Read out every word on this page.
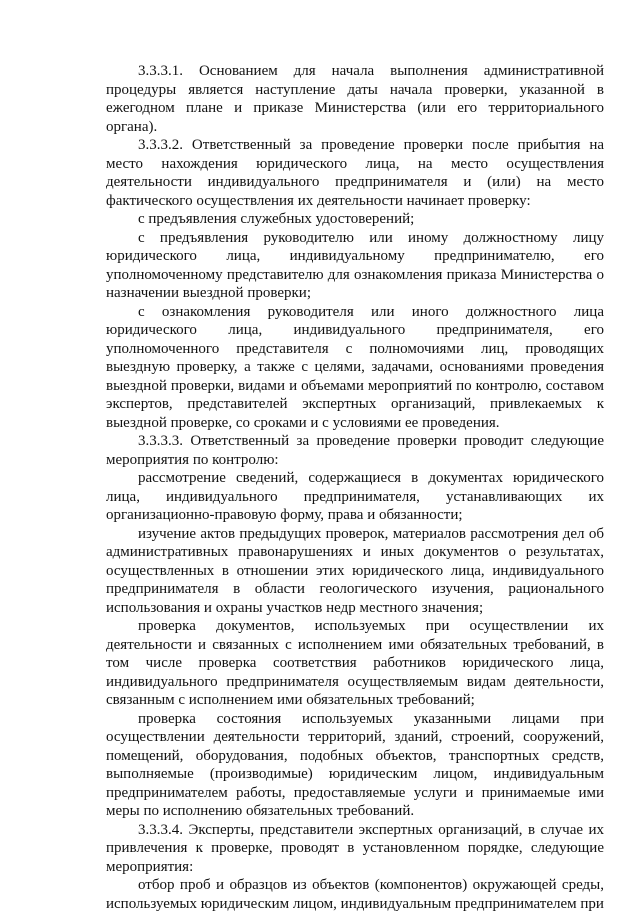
3.3.3.1. Основанием для начала выполнения административной процедуры является наступление даты начала проверки, указанной в ежегодном плане и приказе Министерства (или его территориального органа).

3.3.3.2. Ответственный за проведение проверки после прибытия на место нахождения юридического лица, на место осуществления деятельности индивидуального предпринимателя и (или) на место фактического осуществления их деятельности начинает проверку:

с предъявления служебных удостоверений;

с предъявления руководителю или иному должностному лицу юридического лица, индивидуальному предпринимателю, его уполномоченному представителю для ознакомления приказа Министерства о назначении выездной проверки;

с ознакомления руководителя или иного должностного лица юридического лица, индивидуального предпринимателя, его уполномоченного представителя с полномочиями лиц, проводящих выездную проверку, а также с целями, задачами, основаниями проведения выездной проверки, видами и объемами мероприятий по контролю, составом экспертов, представителей экспертных организаций, привлекаемых к выездной проверке, со сроками и с условиями ее проведения.

3.3.3.3. Ответственный за проведение проверки проводит следующие мероприятия по контролю:

рассмотрение сведений, содержащиеся в документах юридического лица, индивидуального предпринимателя, устанавливающих их организационно-правовую форму, права и обязанности;

изучение актов предыдущих проверок, материалов рассмотрения дел об административных правонарушениях и иных документов о результатах, осуществленных в отношении этих юридического лица, индивидуального предпринимателя в области геологического изучения, рационального использования и охраны участков недр местного значения;

проверка документов, используемых при осуществлении их деятельности и связанных с исполнением ими обязательных требований, в том числе проверка соответствия работников юридического лица, индивидуального предпринимателя осуществляемым видам деятельности, связанным с исполнением ими обязательных требований;

проверка состояния используемых указанными лицами при осуществлении деятельности территорий, зданий, строений, сооружений, помещений, оборудования, подобных объектов, транспортных средств, выполняемые (производимые) юридическим лицом, индивидуальным предпринимателем работы, предоставляемые услуги и принимаемые ими меры по исполнению обязательных требований.

3.3.3.4. Эксперты, представители экспертных организаций, в случае их привлечения к проверке, проводят в установленном порядке, следующие мероприятия:

отбор проб и образцов из объектов (компонентов) окружающей среды, используемых юридическим лицом, индивидуальным предпринимателем при
